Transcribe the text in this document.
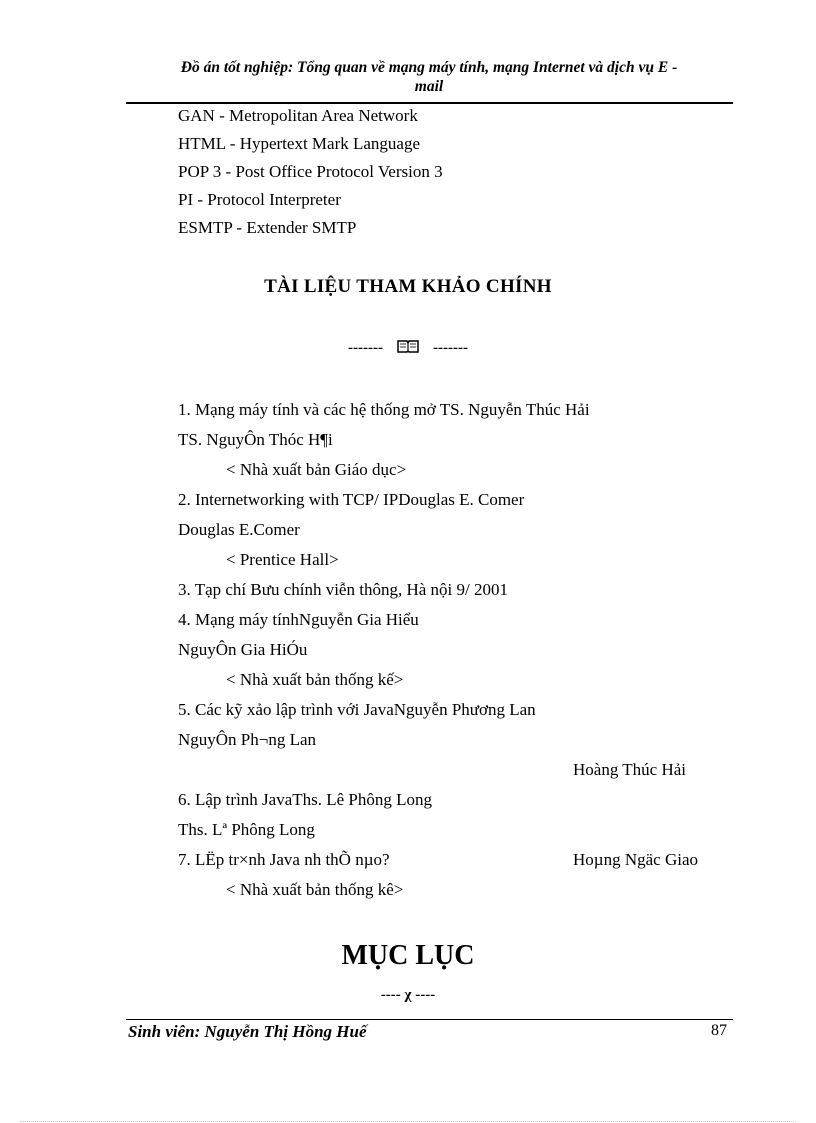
Đồ án tốt nghiệp: Tổng quan về mạng máy tính, mạng Internet và dịch vụ E -
mail
GAN - Metropolitan Area Network
HTML - Hypertext Mark Language
POP 3 - Post Office Protocol Version 3
PI - Protocol Interpreter
ESMTP - Extender SMTP
TÀI LIỆU THAM KHẢO CHÍNH
-------	-------
1. Mạng máy tính và các hệ thống mở TS. Nguyễn Thúc Hải
TS. NguyÔn Thóc H¶i
< Nhà xuất bản Giáo dục>
2. Internetworking with TCP/ IPDouglas E. Comer
Douglas E.Comer
< Prentice Hall>
3. Tạp chí Bưu chính viễn thông, Hà nội 9/ 2001
4. Mạng máy tínhNguyễn Gia Hiểu
NguyÔn Gia HiÓu
< Nhà xuất bản thống kế>
5. Các kỹ xảo lập trình với JavaNguyễn Phương Lan
NguyÔn Ph¬ng Lan
Hoàng Thúc Hải
6. Lập trình JavaThs. Lê Phông Long
Ths. Lª Phông Long
7. LËp tr×nh Java nh thÕ nµo?	Hoµng Ngäc Giao
< Nhà xuất bản thống kê>
MỤC LỤC
---- χ ----
Sinh viên: Nguyễn Thị Hồng Huế	87
